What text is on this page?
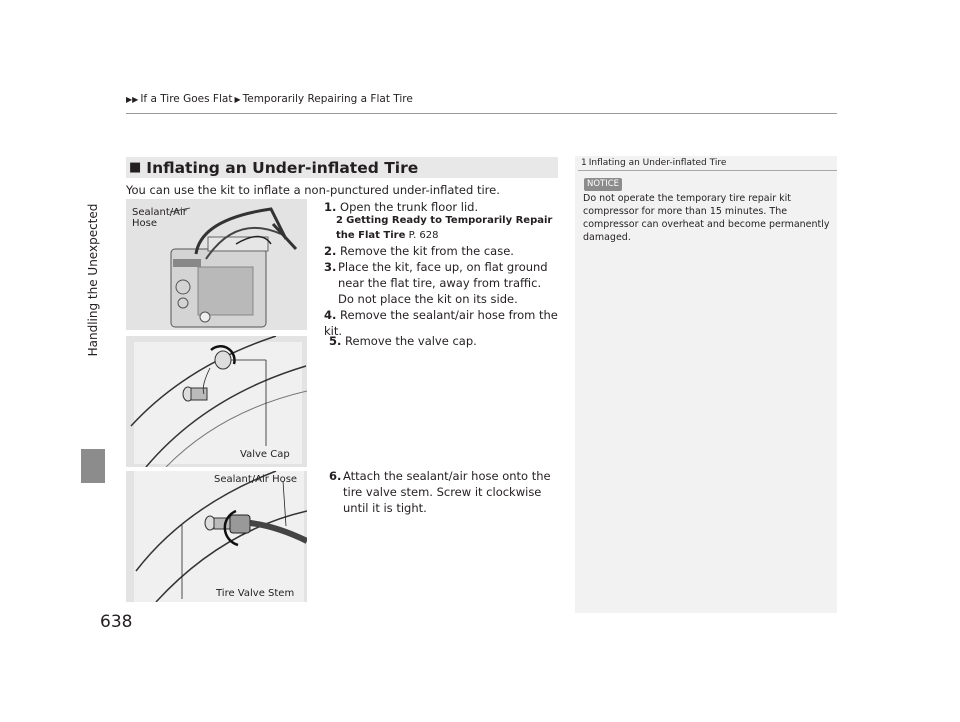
▶▶ If a Tire Goes Flat ▶ Temporarily Repairing a Flat Tire
Handling the Unexpected
638
■ Inflating an Under-inflated Tire	1 Inflating an Under-inflated Tire
NOTICE
Do not operate the temporary tire repair kit compressor for more than 15 minutes. The compressor can overheat and become permanently damaged.
You can use the kit to inflate a non-punctured under-inflated tire.
1. Open the trunk floor lid.
2 Getting Ready to Temporarily Repair the Flat Tire P. 628
2. Remove the kit from the case.
3. Place the kit, face up, on flat ground near the flat tire, away from traffic. Do not place the kit on its side.
4. Remove the sealant/air hose from the kit.
5. Remove the valve cap.
6. Attach the sealant/air hose onto the tire valve stem. Screw it clockwise until it is tight.
Sealant/Air Hose
Valve Cap
Sealant/Air Hose
Tire Valve Stem
